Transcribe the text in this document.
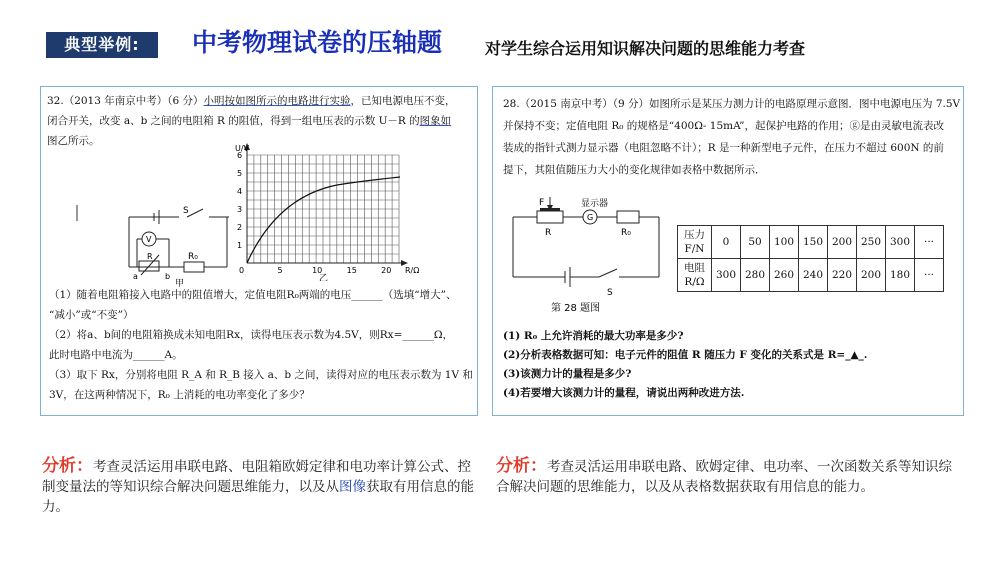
典型举例:	中考物理试卷的压轴题	对学生综合运用知识解决问题的思维能力考查
32.（2013 年南京中考）（6 分）小明按如图所示的电路进行实验，已知电源电压不变，
闭合开关，改变 a、b 之间的电阻箱 R 的阻值，得到一组电压表的示数 U－R 的图象如
图乙所示。
S
V
R₀
a	b
R
甲
1
2
3
4
5
6
5	10	15	20
U/V
R/Ω
0
乙
（1）随着电阻箱接入电路中的阻值增大，定值电阻R₀两端的电压______（选填“增大”、
“减小”或“不变”）
（2）将a、b间的电阻箱换成未知电阻Rx，读得电压表示数为4.5V，则Rx=______Ω，
此时电路中电流为______A。
（3）取下 Rx，分别将电阻 R_A 和 R_B 接入 a、b 之间，读得对应的电压表示数为 1V 和
3V，在这两种情况下，R₀ 上消耗的电功率变化了多少？
28.（2015 南京中考）（9 分）如图所示是某压力测力计的电路原理示意图．图中电源电压为 7.5V
并保持不变；定值电阻 R₀ 的规格是“400Ω- 15mA”，起保护电路的作用；ⓖ是由灵敏电流表改
装成的指针式测力显示器（电阻忽略不计）；R 是一种新型电子元件，在压力不超过 600N 的前
提下，其阻值随压力大小的变化规律如表格中数据所示．
F	显示器
G
R	R₀
S
第 28 题图
压力
F/N	0	50	100	150	200	250	300	···

电阻
R/Ω	300	280	260	240	220	200	180	···
(1) R₀ 上允许消耗的最大功率是多少?
(2)分析表格数据可知：电子元件的阻值 R 随压力 F 变化的关系式是 R=_▲_.
(3)该测力计的量程是多少?
(4)若要增大该测力计的量程，请说出两种改进方法.
分析：考查灵活运用串联电路、电阻箱欧姆定律和电功率计算公式、控制变量法的等知识综合解决问题思维能力，以及从图像获取有用信息的能力。
分析：考查灵活运用串联电路、欧姆定律、电功率、一次函数关系等知识综合解决问题的思维能力，以及从表格数据获取有用信息的能力。
